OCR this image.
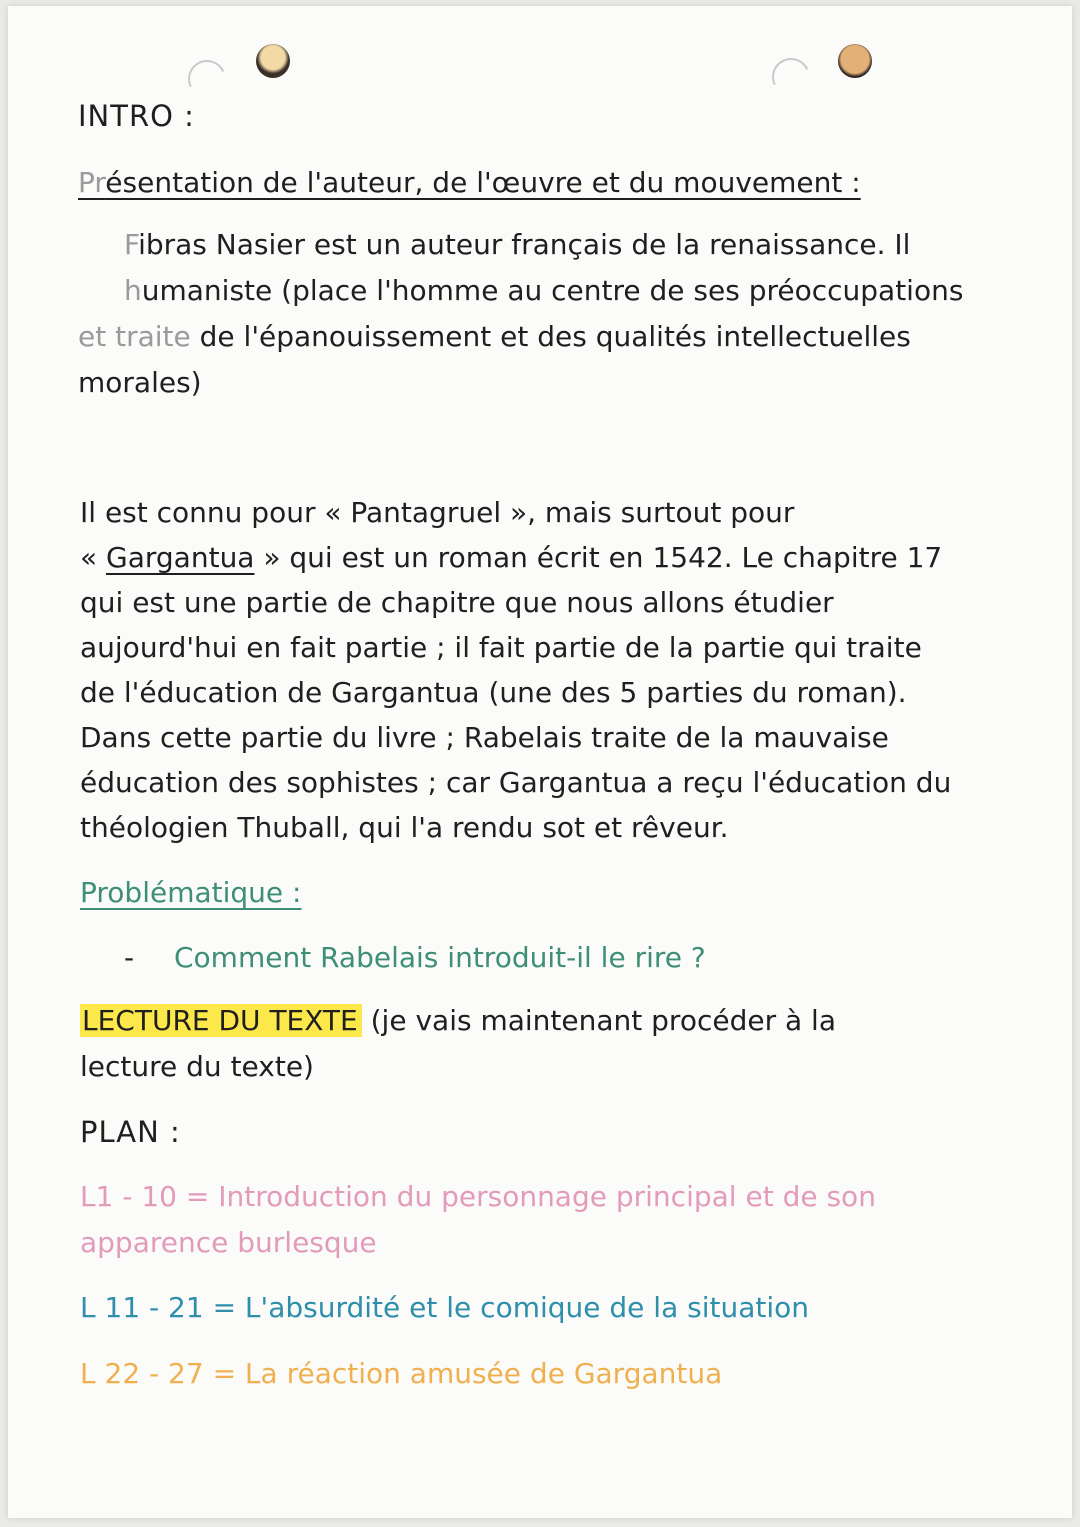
INTRO :
Présentation de l'auteur, de l'œuvre et du mouvement :
Fibras Nasier est un auteur français de la renaissance. Il
humaniste (place l'homme au centre de ses préoccupations
et traite de l'épanouissement et des qualités intellectuelles
morales)
Il est connu pour « Pantagruel », mais surtout pour
« Gargantua » qui est un roman écrit en 1542. Le chapitre 17
qui est une partie de chapitre que nous allons étudier
aujourd'hui en fait partie ; il fait partie de la partie qui traite
de l'éducation de Gargantua (une des 5 parties du roman).
Dans cette partie du livre ; Rabelais traite de la mauvaise
éducation des sophistes ; car Gargantua a reçu l'éducation du
théologien Thuball, qui l'a rendu sot et rêveur.
Problématique :
- Comment Rabelais introduit-il le rire ?
LECTURE DU TEXTE (je vais maintenant procéder à la
lecture du texte)
PLAN :
L1 - 10 = Introduction du personnage principal et de son
apparence burlesque
L 11 - 21 = L'absurdité et le comique de la situation
L 22 - 27 = La réaction amusée de Gargantua
